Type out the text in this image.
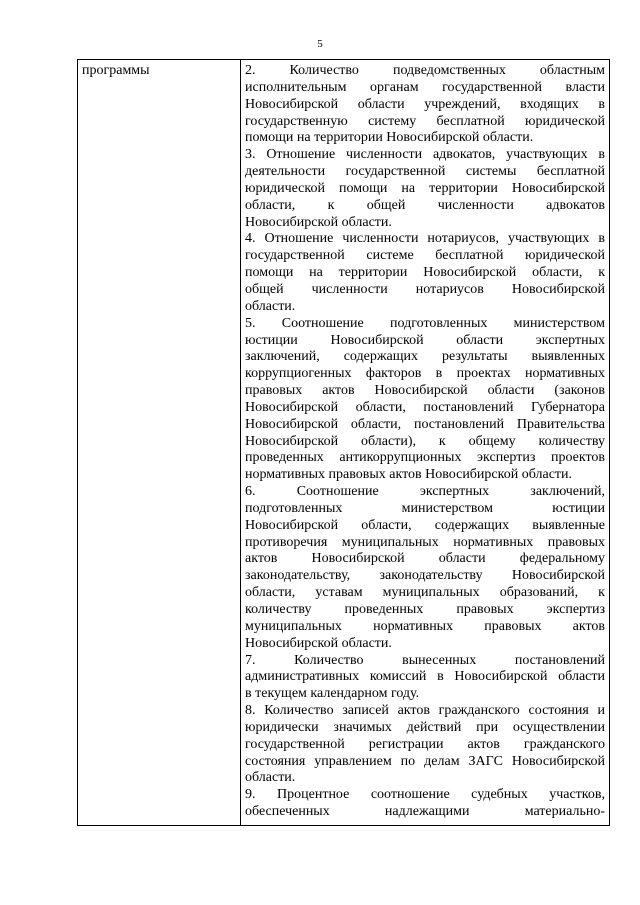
5
программы	2. Количество подведомственных областным
исполнительным органам государственной власти
Новосибирской области учреждений, входящих в
государственную систему бесплатной юридической
помощи на территории Новосибирской области.
3. Отношение численности адвокатов, участвующих в
деятельности государственной системы бесплатной
юридической помощи на территории Новосибирской
области, к общей численности адвокатов
Новосибирской области.
4. Отношение численности нотариусов, участвующих в
государственной системе бесплатной юридической
помощи на территории Новосибирской области, к
общей численности нотариусов Новосибирской
области.
5. Соотношение подготовленных министерством
юстиции Новосибирской области экспертных
заключений, содержащих результаты выявленных
коррупциогенных факторов в проектах нормативных
правовых актов Новосибирской области (законов
Новосибирской области, постановлений Губернатора
Новосибирской области, постановлений Правительства
Новосибирской области), к общему количеству
проведенных антикоррупционных экспертиз проектов
нормативных правовых актов Новосибирской области.
6. Соотношение экспертных заключений,
подготовленных министерством юстиции
Новосибирской области, содержащих выявленные
противоречия муниципальных нормативных правовых
актов Новосибирской области федеральному
законодательству, законодательству Новосибирской
области, уставам муниципальных образований, к
количеству проведенных правовых экспертиз
муниципальных нормативных правовых актов
Новосибирской области.
7. Количество вынесенных постановлений
административных комиссий в Новосибирской области
в текущем календарном году.
8. Количество записей актов гражданского состояния и
юридически значимых действий при осуществлении
государственной регистрации актов гражданского
состояния управлением по делам ЗАГС Новосибирской
области.
9. Процентное соотношение судебных участков,
обеспеченных надлежащими материально-
